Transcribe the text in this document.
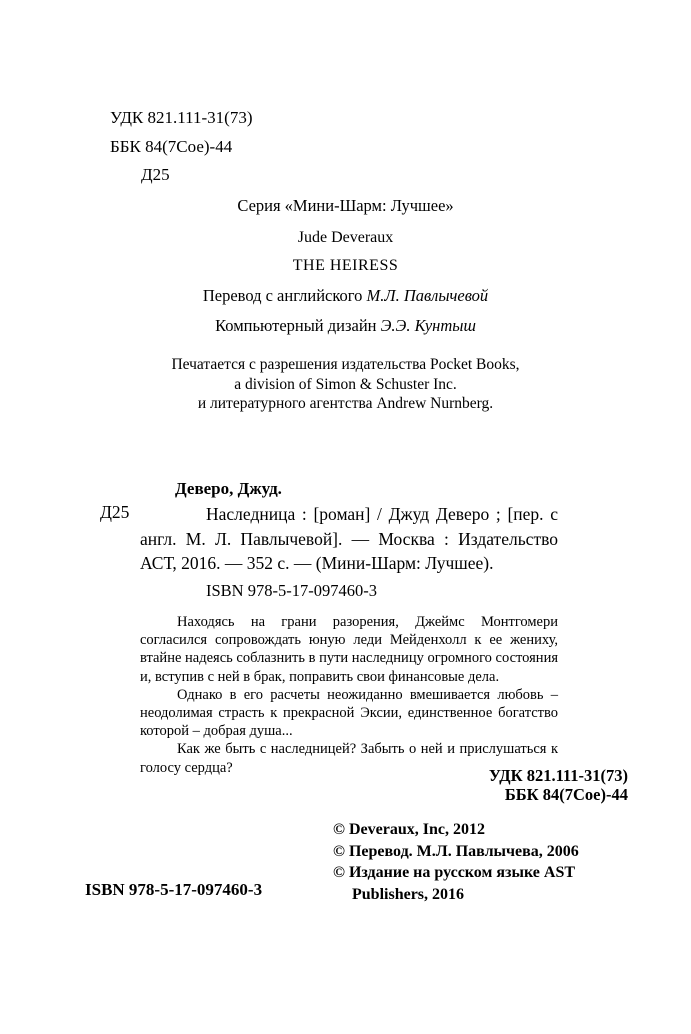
УДК 821.111-31(73)
ББК 84(7Сое)-44
Д25
Серия «Мини-Шарм: Лучшее»
Jude Deveraux
THE HEIRESS
Перевод с английского М.Л. Павлычевой
Компьютерный дизайн Э.Э. Кунтыш
Печатается с разрешения издательства Pocket Books,
a division of Simon & Schuster Inc.
и литературного агентства Andrew Nurnberg.
Д25
Деверо, Джуд.

Наследница : [роман] / Джуд Деверо ; [пер. с англ. М. Л. Павлычевой]. — Москва : Издательство АСТ, 2016. — 352 с. — (Мини-Шарм: Лучшее).

ISBN 978-5-17-097460-3

Находясь на грани разорения, Джеймс Монтгомери согласился сопровождать юную леди Мейденхолл к ее жениху, втайне надеясь соблазнить в пути наследницу огромного состояния и, вступив с ней в брак, поправить свои финансовые дела.

Однако в его расчеты неожиданно вмешивается любовь – неодолимая страсть к прекрасной Эксии, единственное богатство которой – добрая душа...

Как же быть с наследницей? Забыть о ней и прислушаться к голосу сердца?	УДК 821.111-31(73)
ББК 84(7Сое)-44
© Deveraux, Inc, 2012
© Перевод. М.Л. Павлычева, 2006
© Издание на русском языке AST Publishers, 2016
ISBN 978-5-17-097460-3
